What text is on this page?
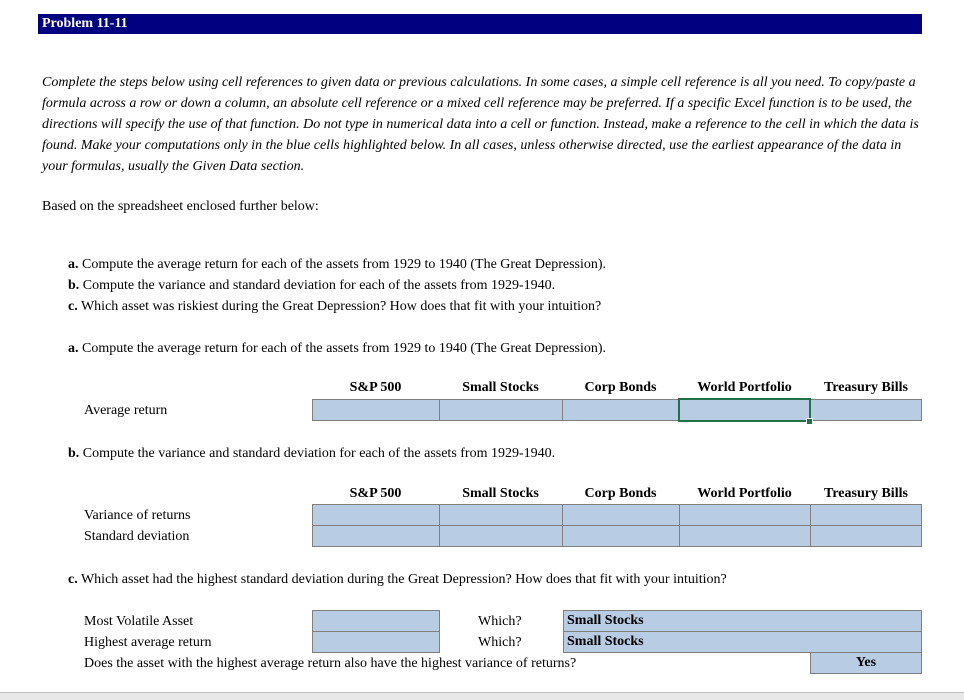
Problem 11-11
Complete the steps below using cell references to given data or previous calculations. In some cases, a simple cell reference is all you need. To copy/paste a formula across a row or down a column, an absolute cell reference or a mixed cell reference may be preferred. If a specific Excel function is to be used, the directions will specify the use of that function. Do not type in numerical data into a cell or function. Instead, make a reference to the cell in which the data is found. Make your computations only in the blue cells highlighted below. In all cases, unless otherwise directed, use the earliest appearance of the data in your formulas, usually the Given Data section.
Based on the spreadsheet enclosed further below:
a. Compute the average return for each of the assets from 1929 to 1940 (The Great Depression).
b. Compute the variance and standard deviation for each of the assets from 1929-1940.
c. Which asset was riskiest during the Great Depression? How does that fit with your intuition?
a. Compute the average return for each of the assets from 1929 to 1940 (The Great Depression).
S&P 500	Small Stocks	Corp Bonds	World Portfolio	Treasury Bills
Average return
b. Compute the variance and standard deviation for each of the assets from 1929-1940.
S&P 500	Small Stocks	Corp Bonds	World Portfolio	Treasury Bills
Variance of returns
Standard deviation
c. Which asset had the highest standard deviation during the Great Depression? How does that fit with your intuition?
Most Volatile Asset	Which?	Small Stocks
Highest average return	Which?	Small Stocks
Does the asset with the highest average return also have the highest variance of returns?	Yes
